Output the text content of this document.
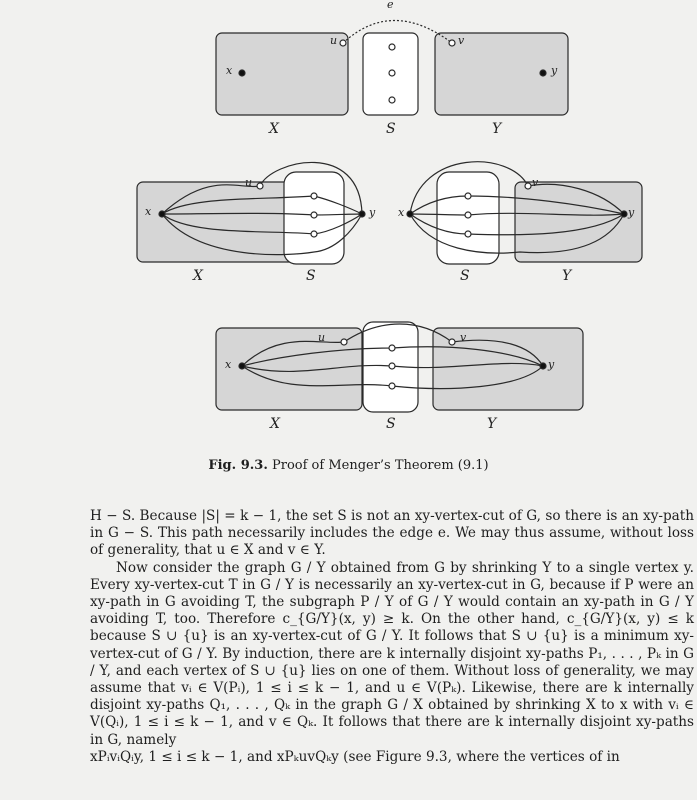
e
x	y
u	v
X	S	Y
x	y
u
X	S
x	y
v
S	Y
x	y
u	v
X	S	Y
Fig. 9.3. Proof of Menger’s Theorem (9.1)

H − S. Because |S| = k − 1, the set S is not an xy-vertex-cut of G, so there is an xy-path in G − S. This path necessarily includes the edge e. We may thus assume, without loss of generality, that u ∈ X and v ∈ Y.

Now consider the graph G / Y obtained from G by shrinking Y to a single vertex y. Every xy-vertex-cut T in G / Y is necessarily an xy-vertex-cut in G, because if P were an xy-path in G avoiding T, the subgraph P / Y of G / Y would contain an xy-path in G / Y avoiding T, too. Therefore c_{G/Y}(x, y) ≥ k. On the other hand, c_{G/Y}(x, y) ≤ k because S ∪ {u} is an xy-vertex-cut of G / Y. It follows that S ∪ {u} is a minimum xy-vertex-cut of G / Y. By induction, there are k internally disjoint xy-paths P₁, . . . , Pₖ in G / Y, and each vertex of S ∪ {u} lies on one of them. Without loss of generality, we may assume that vᵢ ∈ V(Pᵢ), 1 ≤ i ≤ k − 1, and u ∈ V(Pₖ). Likewise, there are k internally disjoint xy-paths Q₁, . . . , Qₖ in the graph G / X obtained by shrinking X to x with vᵢ ∈ V(Qᵢ), 1 ≤ i ≤ k − 1, and v ∈ Qₖ. It follows that there are k internally disjoint xy-paths in G, namely

xPᵢvᵢQᵢy, 1 ≤ i ≤ k − 1, and xPₖuvQₖy (see Figure 9.3, where the vertices of in
